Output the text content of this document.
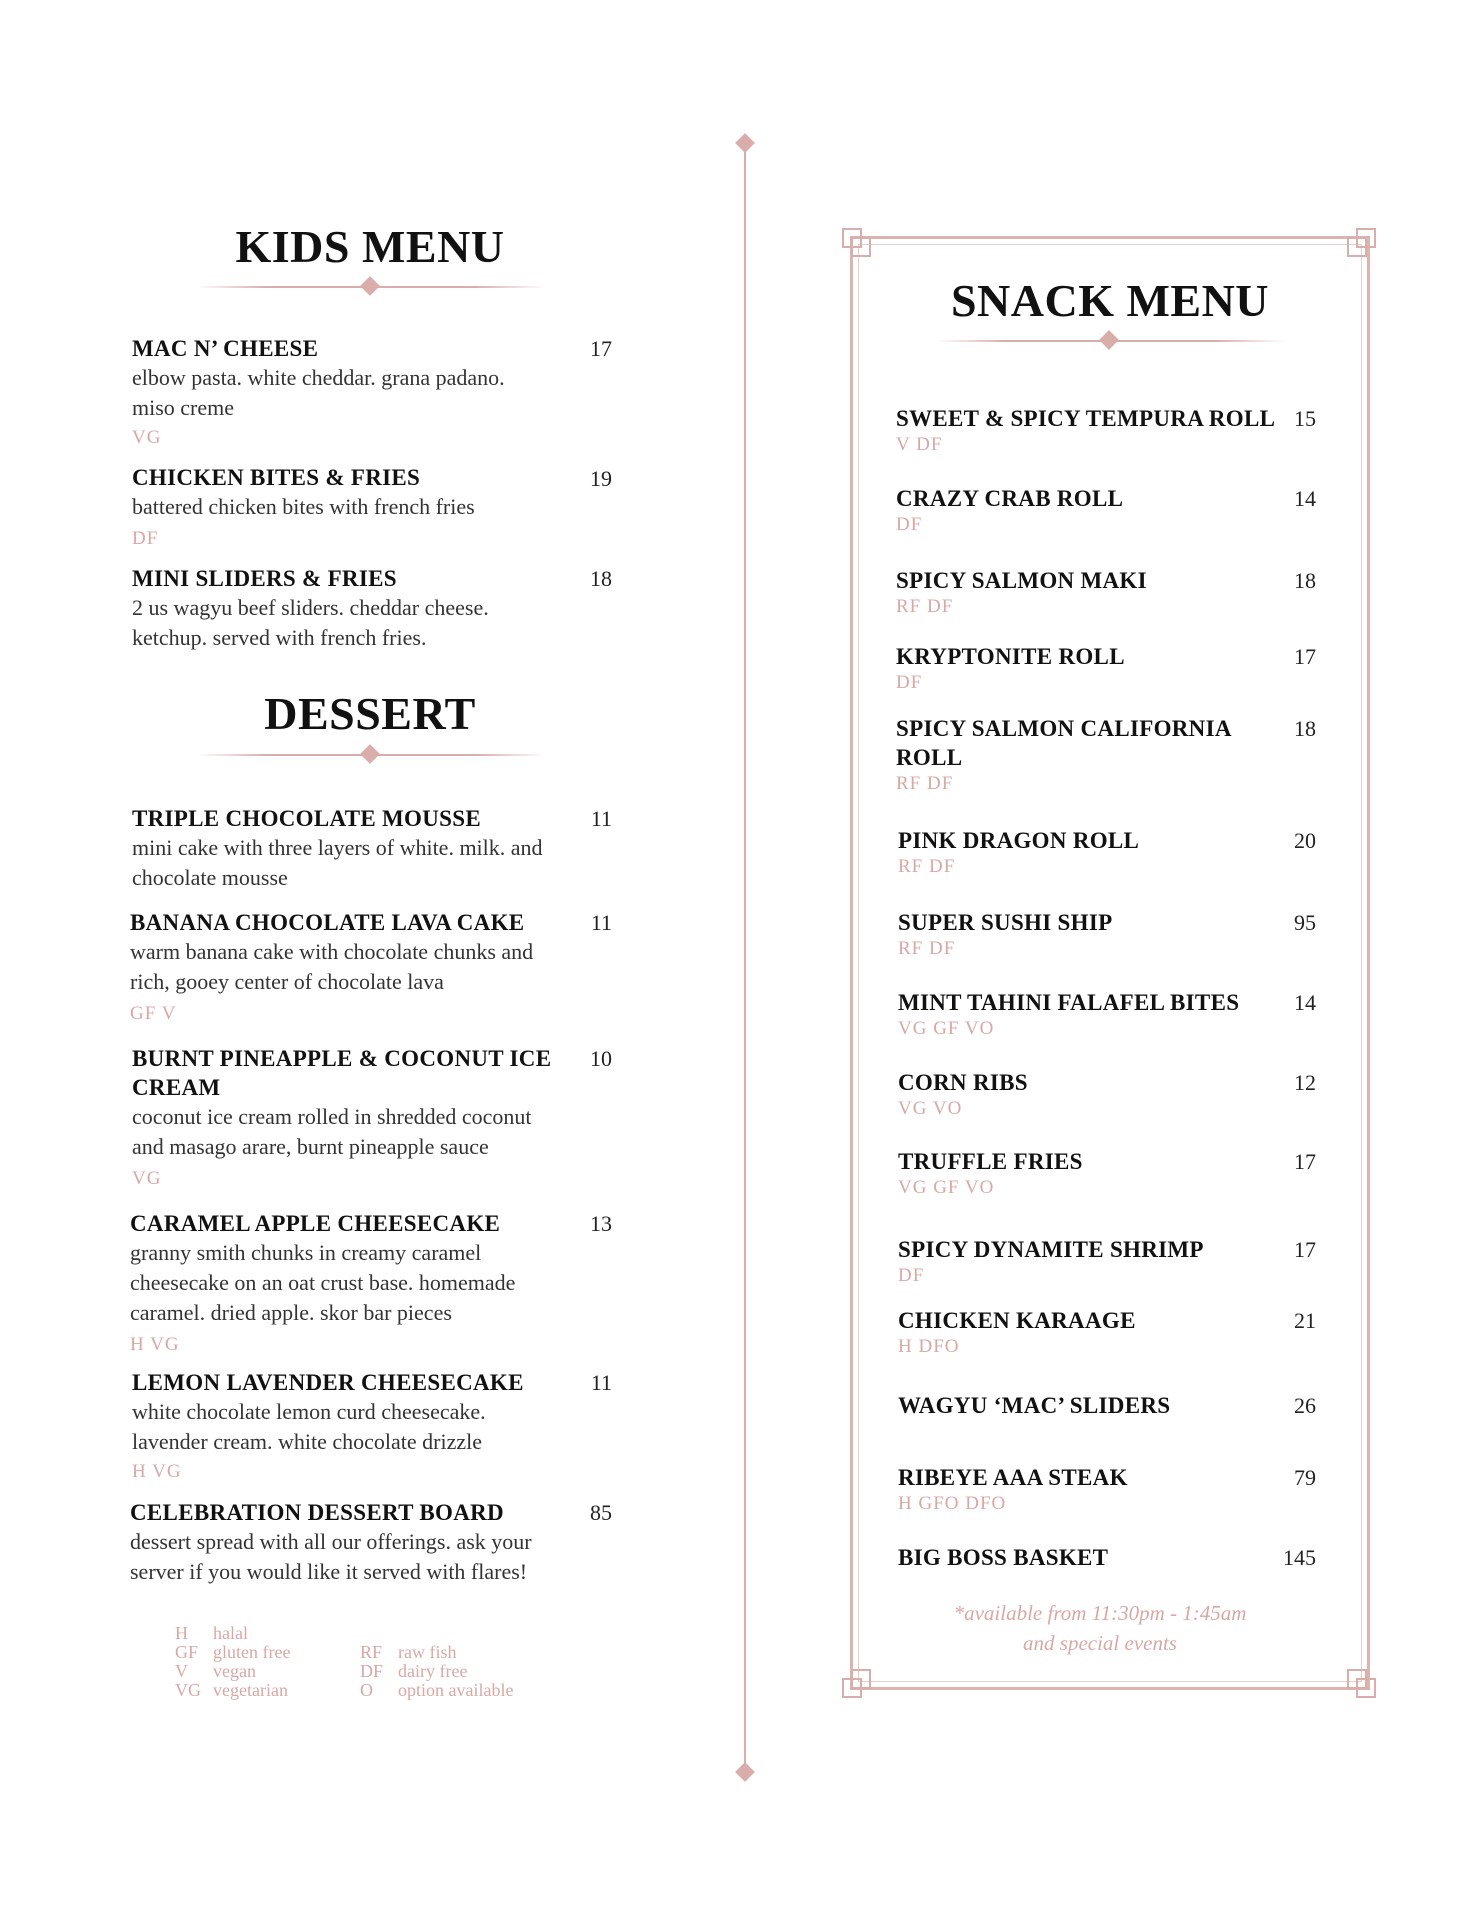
KIDS MENU
MAC N’ CHEESE
elbow pasta. white cheddar. grana padano.
miso creme
VG
17
CHICKEN BITES & FRIES
battered chicken bites with french fries
DF
19
MINI SLIDERS & FRIES
2 us wagyu beef sliders. cheddar cheese.
ketchup. served with french fries.
18
DESSERT
TRIPLE CHOCOLATE MOUSSE
mini cake with three layers of white. milk. and
chocolate mousse
11
BANANA CHOCOLATE LAVA CAKE
warm banana cake with chocolate chunks and
rich, gooey center of chocolate lava
GF V
11
BURNT PINEAPPLE & COCONUT ICE
CREAM
coconut ice cream rolled in shredded coconut
and masago arare, burnt pineapple sauce
VG
10
CARAMEL APPLE CHEESECAKE
granny smith chunks in creamy caramel
cheesecake on an oat crust base. homemade
caramel. dried apple. skor bar pieces
H VG
13
LEMON LAVENDER CHEESECAKE
white chocolate lemon curd cheesecake.
lavender cream. white chocolate drizzle
H VG
11
CELEBRATION DESSERT BOARD
dessert spread with all our offerings. ask your
server if you would like it served with flares!
85
H halal
GF gluten free
V vegan
VG vegetarian
RF raw fish
DF dairy free
O option available
SNACK MENU
SWEET & SPICY TEMPURA ROLL
V DF
15
CRAZY CRAB ROLL
DF
14
SPICY SALMON MAKI
RF DF
18
KRYPTONITE ROLL
DF
17
SPICY SALMON CALIFORNIA
ROLL
RF DF
18
PINK DRAGON ROLL
RF DF
20
SUPER SUSHI SHIP
RF DF
95
MINT TAHINI FALAFEL BITES
VG GF VO
14
CORN RIBS
VG VO
12
TRUFFLE FRIES
VG GF VO
17
SPICY DYNAMITE SHRIMP
DF
17
CHICKEN KARAAGE
H DFO
21
WAGYU ‘MAC’ SLIDERS	26
RIBEYE AAA STEAK
H GFO DFO
79
BIG BOSS BASKET	145
*available from 11:30pm - 1:45am
and special events
